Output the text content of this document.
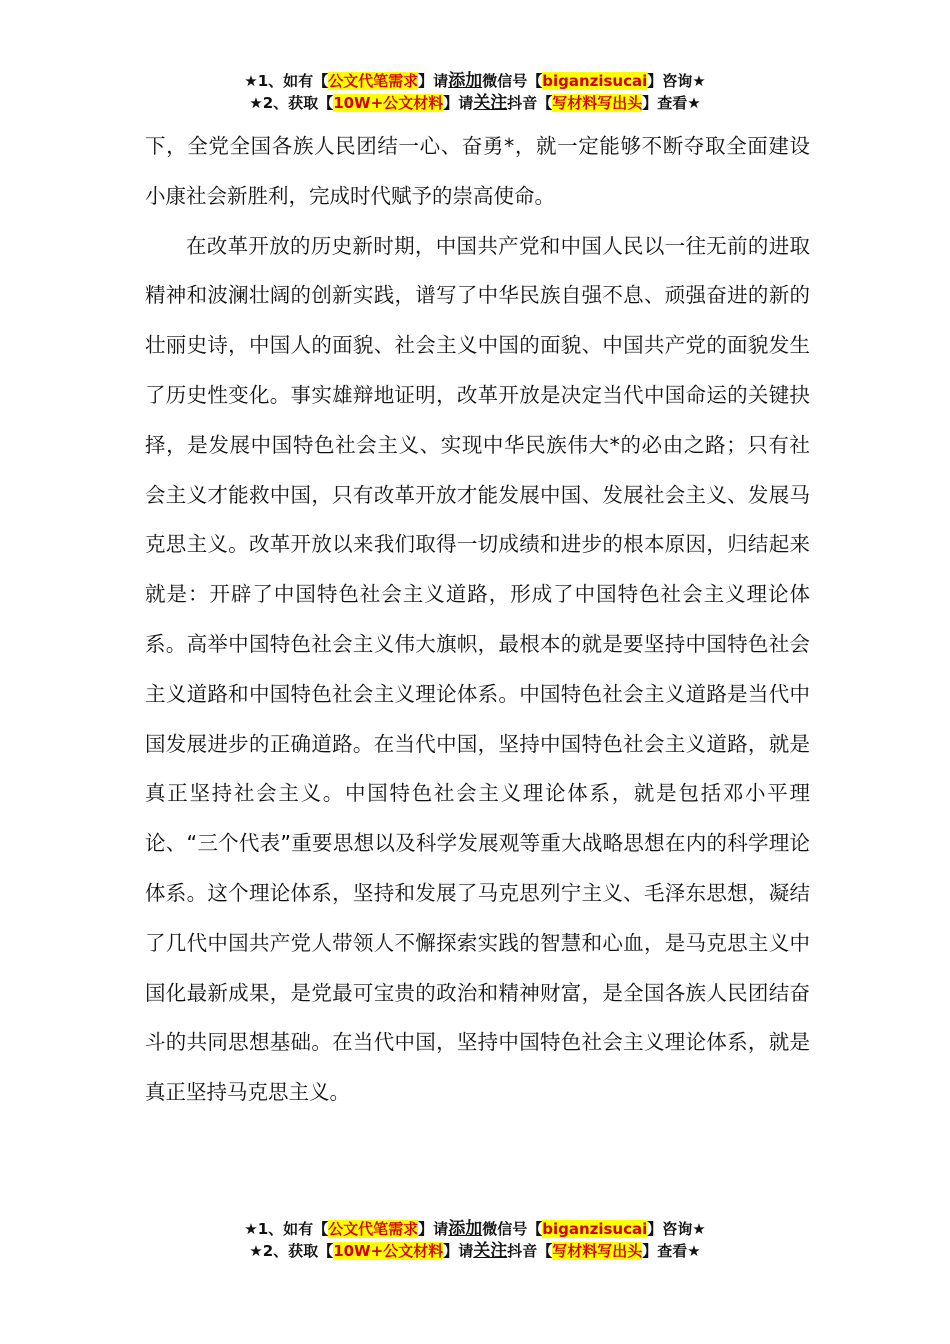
★1、如有【公文代笔需求】请添加微信号【biganzisucai】咨询★
★2、获取【10W+公文材料】请关注抖音【写材料写出头】查看★

下，全党全国各族人民团结一心、奋勇*，就一定能够不断夺取全面建设小康社会新胜利，完成时代赋予的崇高使命。

在改革开放的历史新时期，中国共产党和中国人民以一往无前的进取精神和波澜壮阔的创新实践，谱写了中华民族自强不息、顽强奋进的新的壮丽史诗，中国人的面貌、社会主义中国的面貌、中国共产党的面貌发生了历史性变化。事实雄辩地证明，改革开放是决定当代中国命运的关键抉择，是发展中国特色社会主义、实现中华民族伟大*的必由之路；只有社会主义才能救中国，只有改革开放才能发展中国、发展社会主义、发展马克思主义。改革开放以来我们取得一切成绩和进步的根本原因，归结起来就是：开辟了中国特色社会主义道路，形成了中国特色社会主义理论体系。高举中国特色社会主义伟大旗帜，最根本的就是要坚持中国特色社会主义道路和中国特色社会主义理论体系。中国特色社会主义道路是当代中国发展进步的正确道路。在当代中国，坚持中国特色社会主义道路，就是真正坚持社会主义。中国特色社会主义理论体系，就是包括邓小平理论、“三个代表”重要思想以及科学发展观等重大战略思想在内的科学理论体系。这个理论体系，坚持和发展了马克思列宁主义、毛泽东思想，凝结了几代中国共产党人带领人不懈探索实践的智慧和心血，是马克思主义中国化最新成果，是党最可宝贵的政治和精神财富，是全国各族人民团结奋斗的共同思想基础。在当代中国，坚持中国特色社会主义理论体系，就是真正坚持马克思主义。

★1、如有【公文代笔需求】请添加微信号【biganzisucai】咨询★
★2、获取【10W+公文材料】请关注抖音【写材料写出头】查看★
